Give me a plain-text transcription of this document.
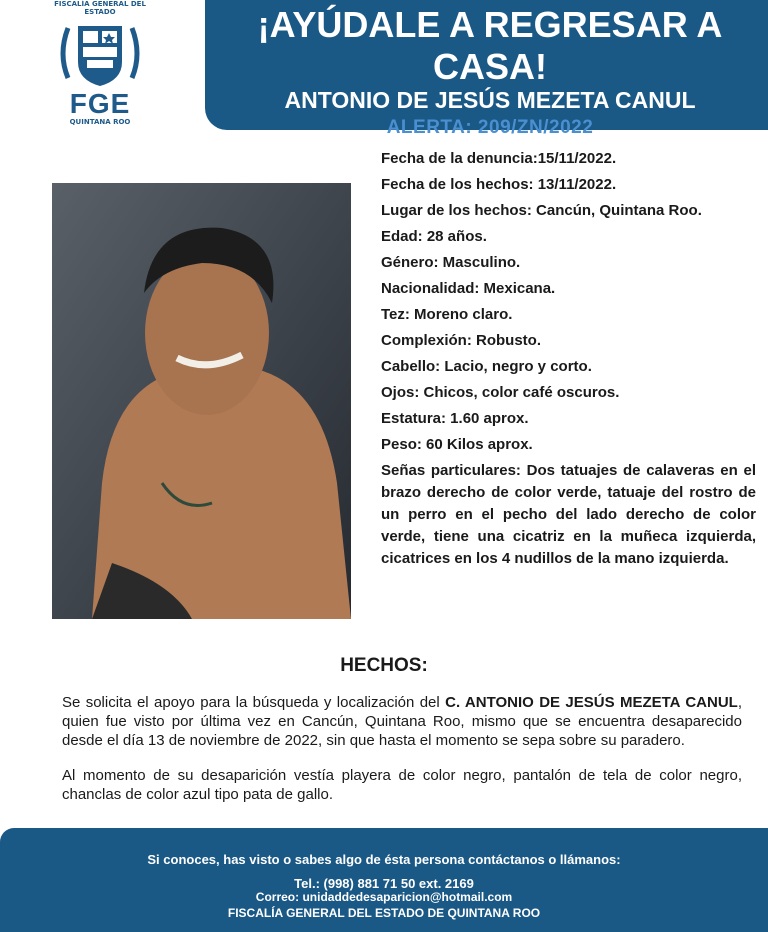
FISCALÍA GENERAL DEL ESTADO
FGE
QUINTANA ROO
¡AYÚDALE A REGRESAR A CASA!
ANTONIO DE JESÚS MEZETA CANUL
ALERTA: 209/ZN/2022

Fecha de la denuncia:15/11/2022.

Fecha de los hechos: 13/11/2022.

Lugar de los hechos: Cancún, Quintana Roo.

Edad: 28 años.

Género: Masculino.

Nacionalidad: Mexicana.

Tez: Moreno claro.

Complexión: Robusto.

Cabello: Lacio, negro y corto.

Ojos: Chicos, color café oscuros.

Estatura: 1.60 aprox.

Peso: 60 Kilos aprox.

Señas particulares: Dos tatuajes de calaveras en el brazo derecho de color verde, tatuaje del rostro de un perro en el pecho del lado derecho de color verde, tiene una cicatriz en la muñeca izquierda, cicatrices en los 4 nudillos de la mano izquierda.

HECHOS:

Se solicita el apoyo para la búsqueda y localización del C. ANTONIO DE JESÚS MEZETA CANUL, quien fue visto por última vez en Cancún, Quintana Roo, mismo que se encuentra desaparecido desde el día 13 de noviembre de 2022, sin que hasta el momento se sepa sobre su paradero.

Al momento de su desaparición vestía playera de color negro, pantalón de tela de color negro, chanclas de color azul tipo pata de gallo.

Si conoces, has visto o sabes algo de ésta persona contáctanos o llámanos:
Tel.: (998) 881 71 50 ext. 2169
Correo: unidaddedesaparicion@hotmail.com
FISCALÍA GENERAL DEL ESTADO DE QUINTANA ROO
